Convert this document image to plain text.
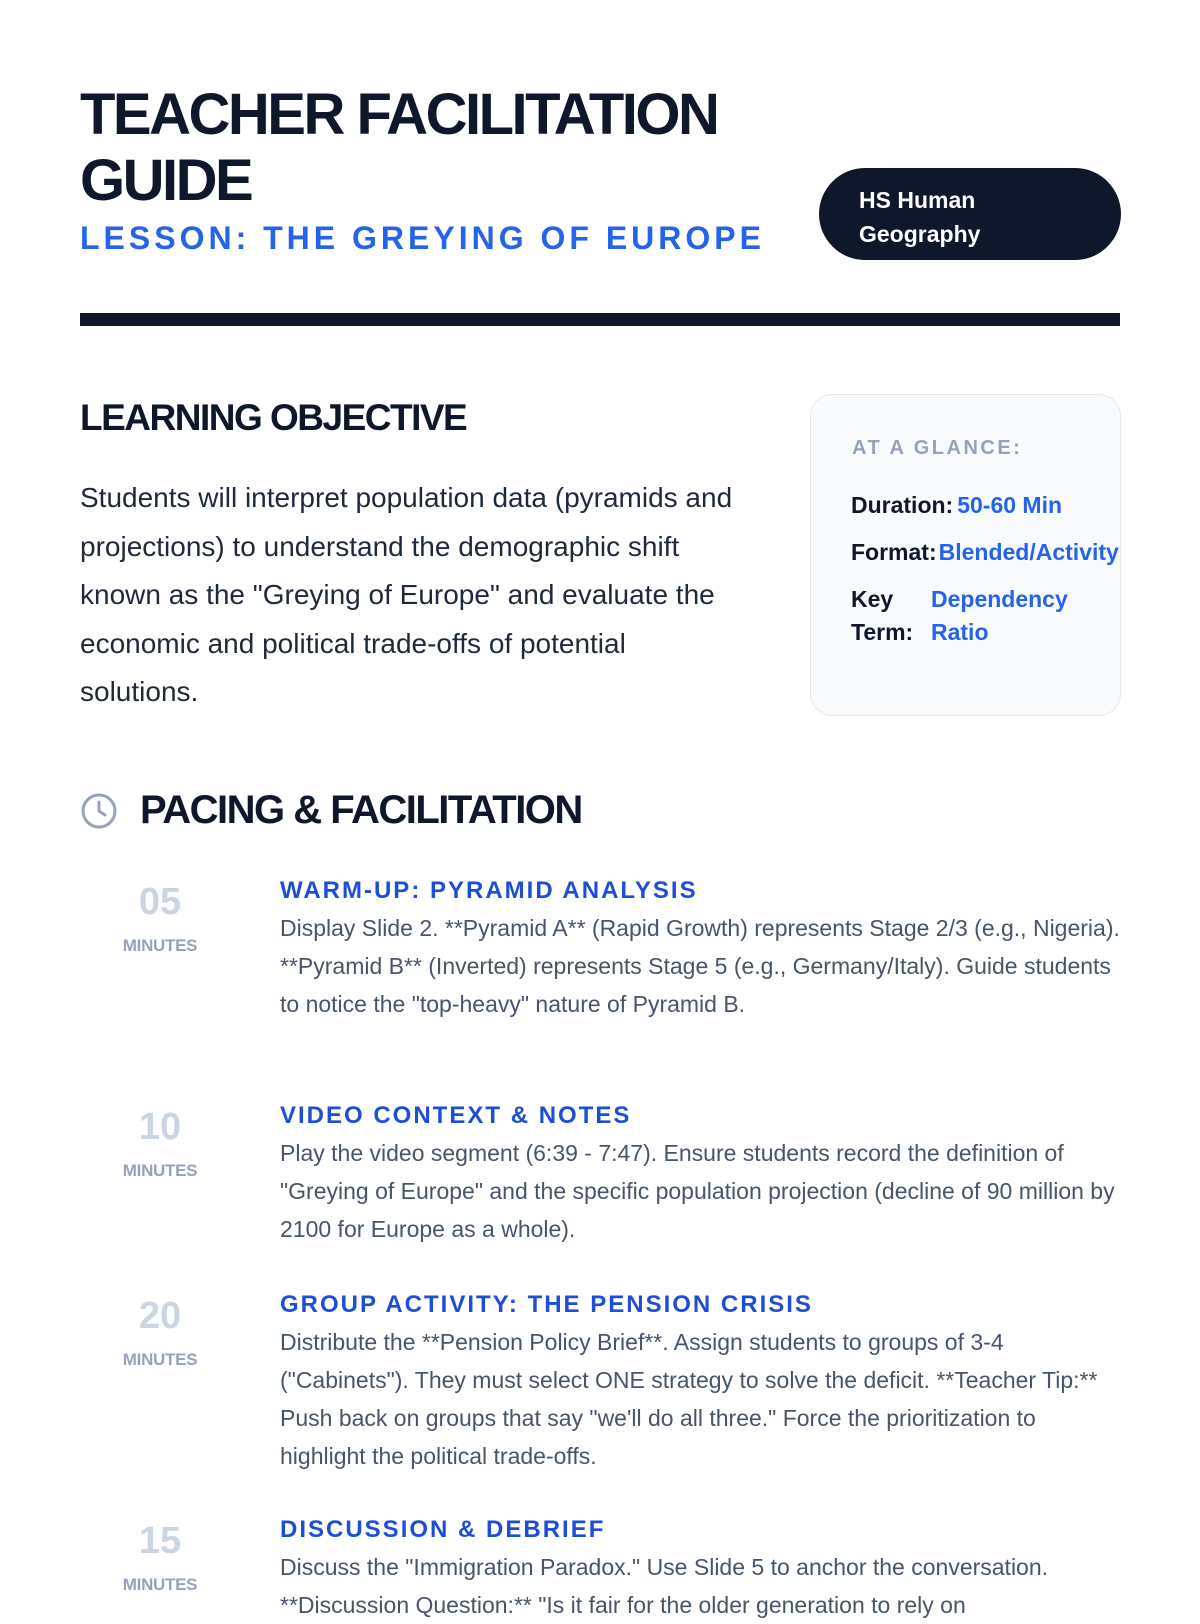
TEACHER FACILITATION GUIDE
LESSON: THE GREYING OF EUROPE
HS Human Geography
LEARNING OBJECTIVE

Students will interpret population data (pyramids and projections) to understand the demographic shift known as the "Greying of Europe" and evaluate the economic and political trade-offs of potential solutions.

AT A GLANCE:
Duration: 50-60 Min
Format: Blended/Activity
Key Term:
Dependency Ratio
PACING & FACILITATION
05
MINUTES
WARM-UP: PYRAMID ANALYSIS
Display Slide 2. **Pyramid A** (Rapid Growth) represents Stage 2/3 (e.g., Nigeria). **Pyramid B** (Inverted) represents Stage 5 (e.g., Germany/Italy). Guide students to notice the "top-heavy" nature of Pyramid B.
10
MINUTES
VIDEO CONTEXT & NOTES
Play the video segment (6:39 - 7:47). Ensure students record the definition of "Greying of Europe" and the specific population projection (decline of 90 million by 2100 for Europe as a whole).
20
MINUTES
GROUP ACTIVITY: THE PENSION CRISIS
Distribute the **Pension Policy Brief**. Assign students to groups of 3-4 ("Cabinets"). They must select ONE strategy to solve the deficit. **Teacher Tip:** Push back on groups that say "we'll do all three." Force the prioritization to highlight the political trade-offs.
15
MINUTES
DISCUSSION & DEBRIEF
Discuss the "Immigration Paradox." Use Slide 5 to anchor the conversation. **Discussion Question:** "Is it fair for the older generation to rely on
